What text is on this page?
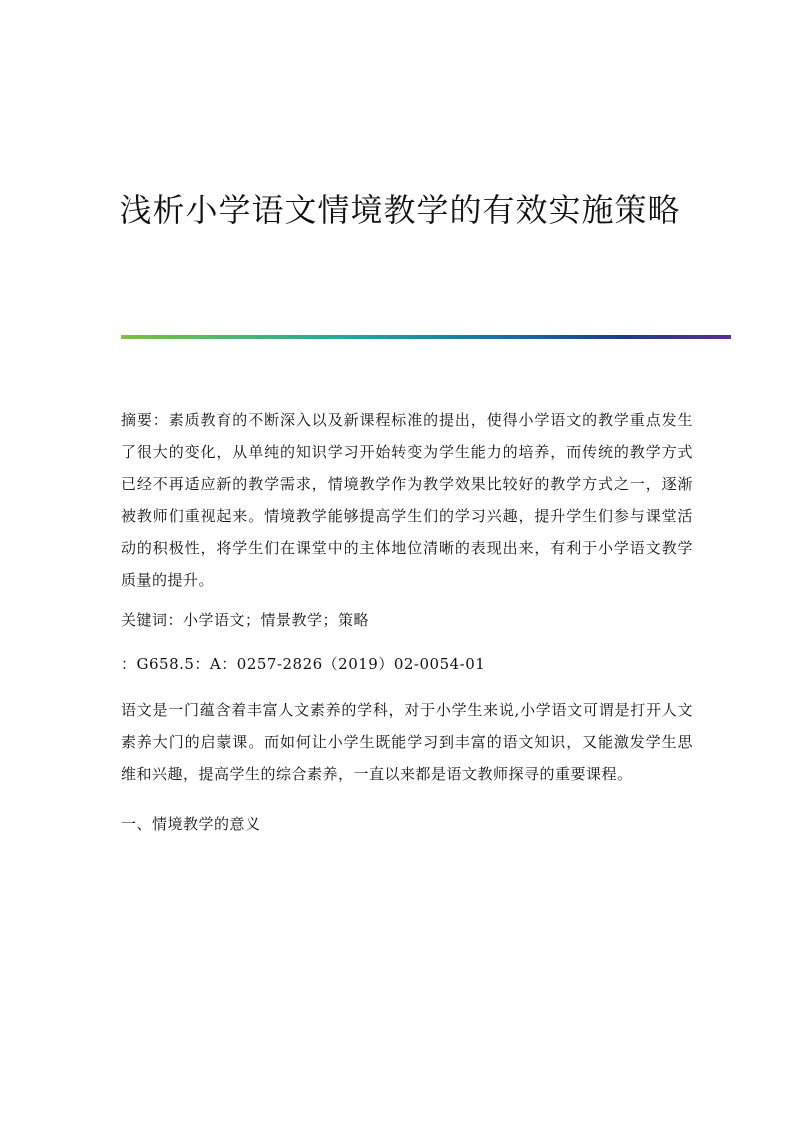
浅析小学语文情境教学的有效实施策略

摘要：素质教育的不断深入以及新课程标准的提出，使得小学语文的教学重点发生了很大的变化，从单纯的知识学习开始转变为学生能力的培养，而传统的教学方式已经不再适应新的教学需求，情境教学作为教学效果比较好的教学方式之一，逐渐被教师们重视起来。情境教学能够提高学生们的学习兴趣，提升学生们参与课堂活动的积极性，将学生们在课堂中的主体地位清晰的表现出来，有利于小学语文教学质量的提升。

关键词：小学语文；情景教学；策略

：G658.5：A：0257-2826（2019）02-0054-01

语文是一门蕴含着丰富人文素养的学科，对于小学生来说,小学语文可谓是打开人文素养大门的启蒙课。而如何让小学生既能学习到丰富的语文知识，又能激发学生思维和兴趣，提高学生的综合素养，一直以来都是语文教师探寻的重要课程。

一、情境教学的意义
